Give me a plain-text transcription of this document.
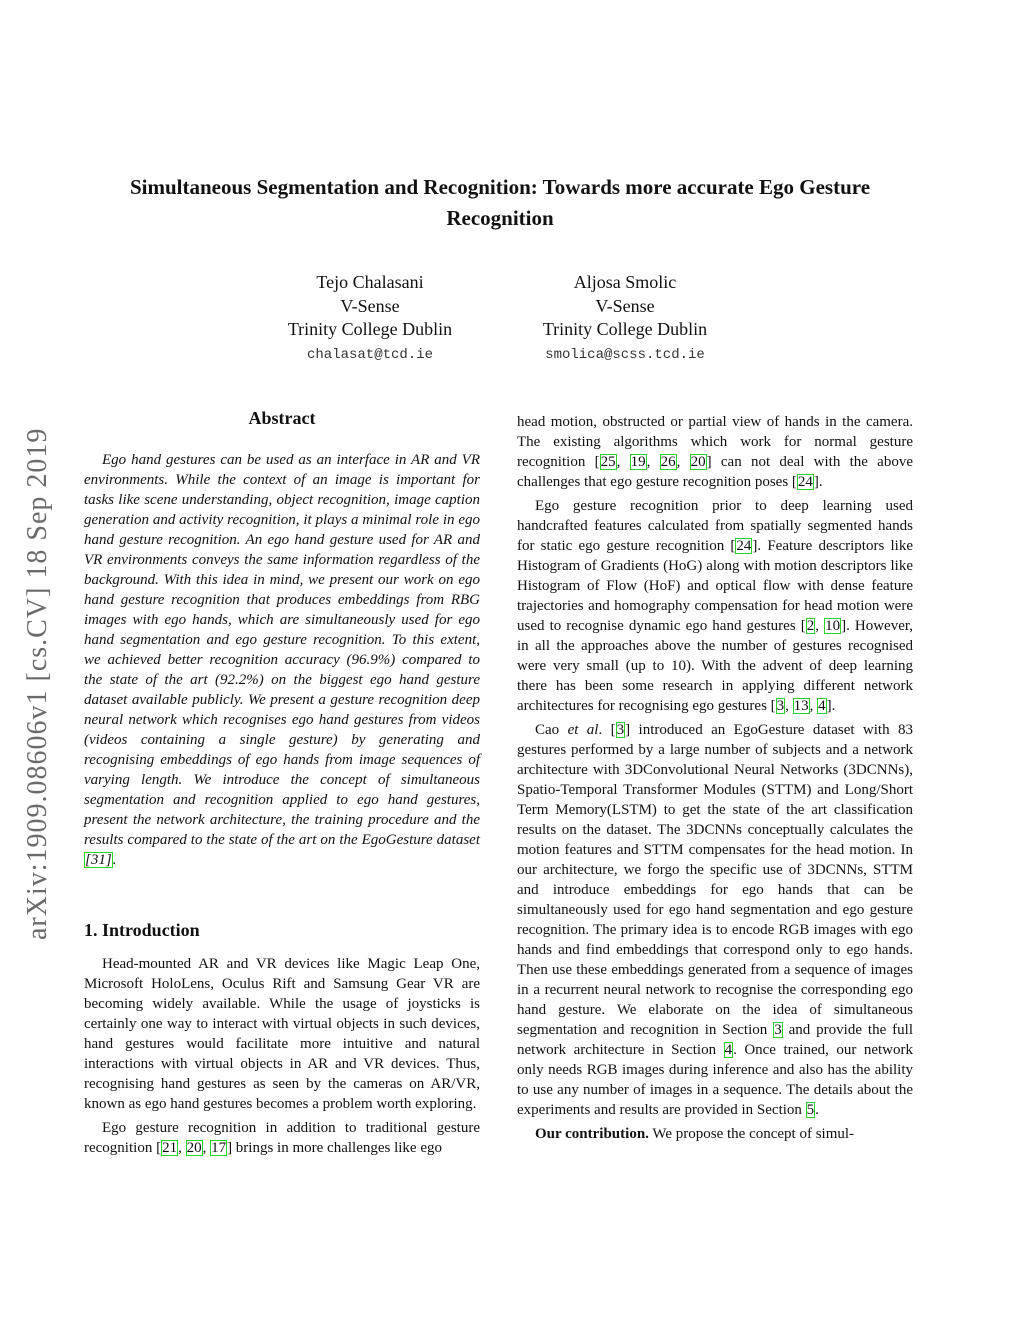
arXiv:1909.08606v1 [cs.CV] 18 Sep 2019
Simultaneous Segmentation and Recognition: Towards more accurate Ego Gesture Recognition
Tejo Chalasani
V-Sense
Trinity College Dublin
chalasat@tcd.ie
Aljosa Smolic
V-Sense
Trinity College Dublin
smolica@scss.tcd.ie
Abstract

Ego hand gestures can be used as an interface in AR and VR environments. While the context of an image is important for tasks like scene understanding, object recognition, image caption generation and activity recognition, it plays a minimal role in ego hand gesture recognition. An ego hand gesture used for AR and VR environments conveys the same information regardless of the background. With this idea in mind, we present our work on ego hand gesture recognition that produces embeddings from RBG images with ego hands, which are simultaneously used for ego hand segmentation and ego gesture recognition. To this extent, we achieved better recognition accuracy (96.9%) compared to the state of the art (92.2%) on the biggest ego hand gesture dataset available publicly. We present a gesture recognition deep neural network which recognises ego hand gestures from videos (videos containing a single gesture) by generating and recognising embeddings of ego hands from image sequences of varying length. We introduce the concept of simultaneous segmentation and recognition applied to ego hand gestures, present the network architecture, the training procedure and the results compared to the state of the art on the EgoGesture dataset [31].

1. Introduction

Head-mounted AR and VR devices like Magic Leap One, Microsoft HoloLens, Oculus Rift and Samsung Gear VR are becoming widely available. While the usage of joysticks is certainly one way to interact with virtual objects in such devices, hand gestures would facilitate more intuitive and natural interactions with virtual objects in AR and VR devices. Thus, recognising hand gestures as seen by the cameras on AR/VR, known as ego hand gestures becomes a problem worth exploring.

Ego gesture recognition in addition to traditional gesture recognition [21, 20, 17] brings in more challenges like ego

head motion, obstructed or partial view of hands in the camera. The existing algorithms which work for normal gesture recognition [25, 19, 26, 20] can not deal with the above challenges that ego gesture recognition poses [24].

Ego gesture recognition prior to deep learning used handcrafted features calculated from spatially segmented hands for static ego gesture recognition [24]. Feature descriptors like Histogram of Gradients (HoG) along with motion descriptors like Histogram of Flow (HoF) and optical flow with dense feature trajectories and homography compensation for head motion were used to recognise dynamic ego hand gestures [2, 10]. However, in all the approaches above the number of gestures recognised were very small (up to 10). With the advent of deep learning there has been some research in applying different network architectures for recognising ego gestures [3, 13, 4].

Cao et al. [3] introduced an EgoGesture dataset with 83 gestures performed by a large number of subjects and a network architecture with 3DConvolutional Neural Networks (3DCNNs), Spatio-Temporal Transformer Modules (STTM) and Long/Short Term Memory(LSTM) to get the state of the art classification results on the dataset. The 3DCNNs conceptually calculates the motion features and STTM compensates for the head motion. In our architecture, we forgo the specific use of 3DCNNs, STTM and introduce embeddings for ego hands that can be simultaneously used for ego hand segmentation and ego gesture recognition. The primary idea is to encode RGB images with ego hands and find embeddings that correspond only to ego hands. Then use these embeddings generated from a sequence of images in a recurrent neural network to recognise the corresponding ego hand gesture. We elaborate on the idea of simultaneous segmentation and recognition in Section 3 and provide the full network architecture in Section 4. Once trained, our network only needs RGB images during inference and also has the ability to use any number of images in a sequence. The details about the experiments and results are provided in Section 5.

Our contribution. We propose the concept of simul-
